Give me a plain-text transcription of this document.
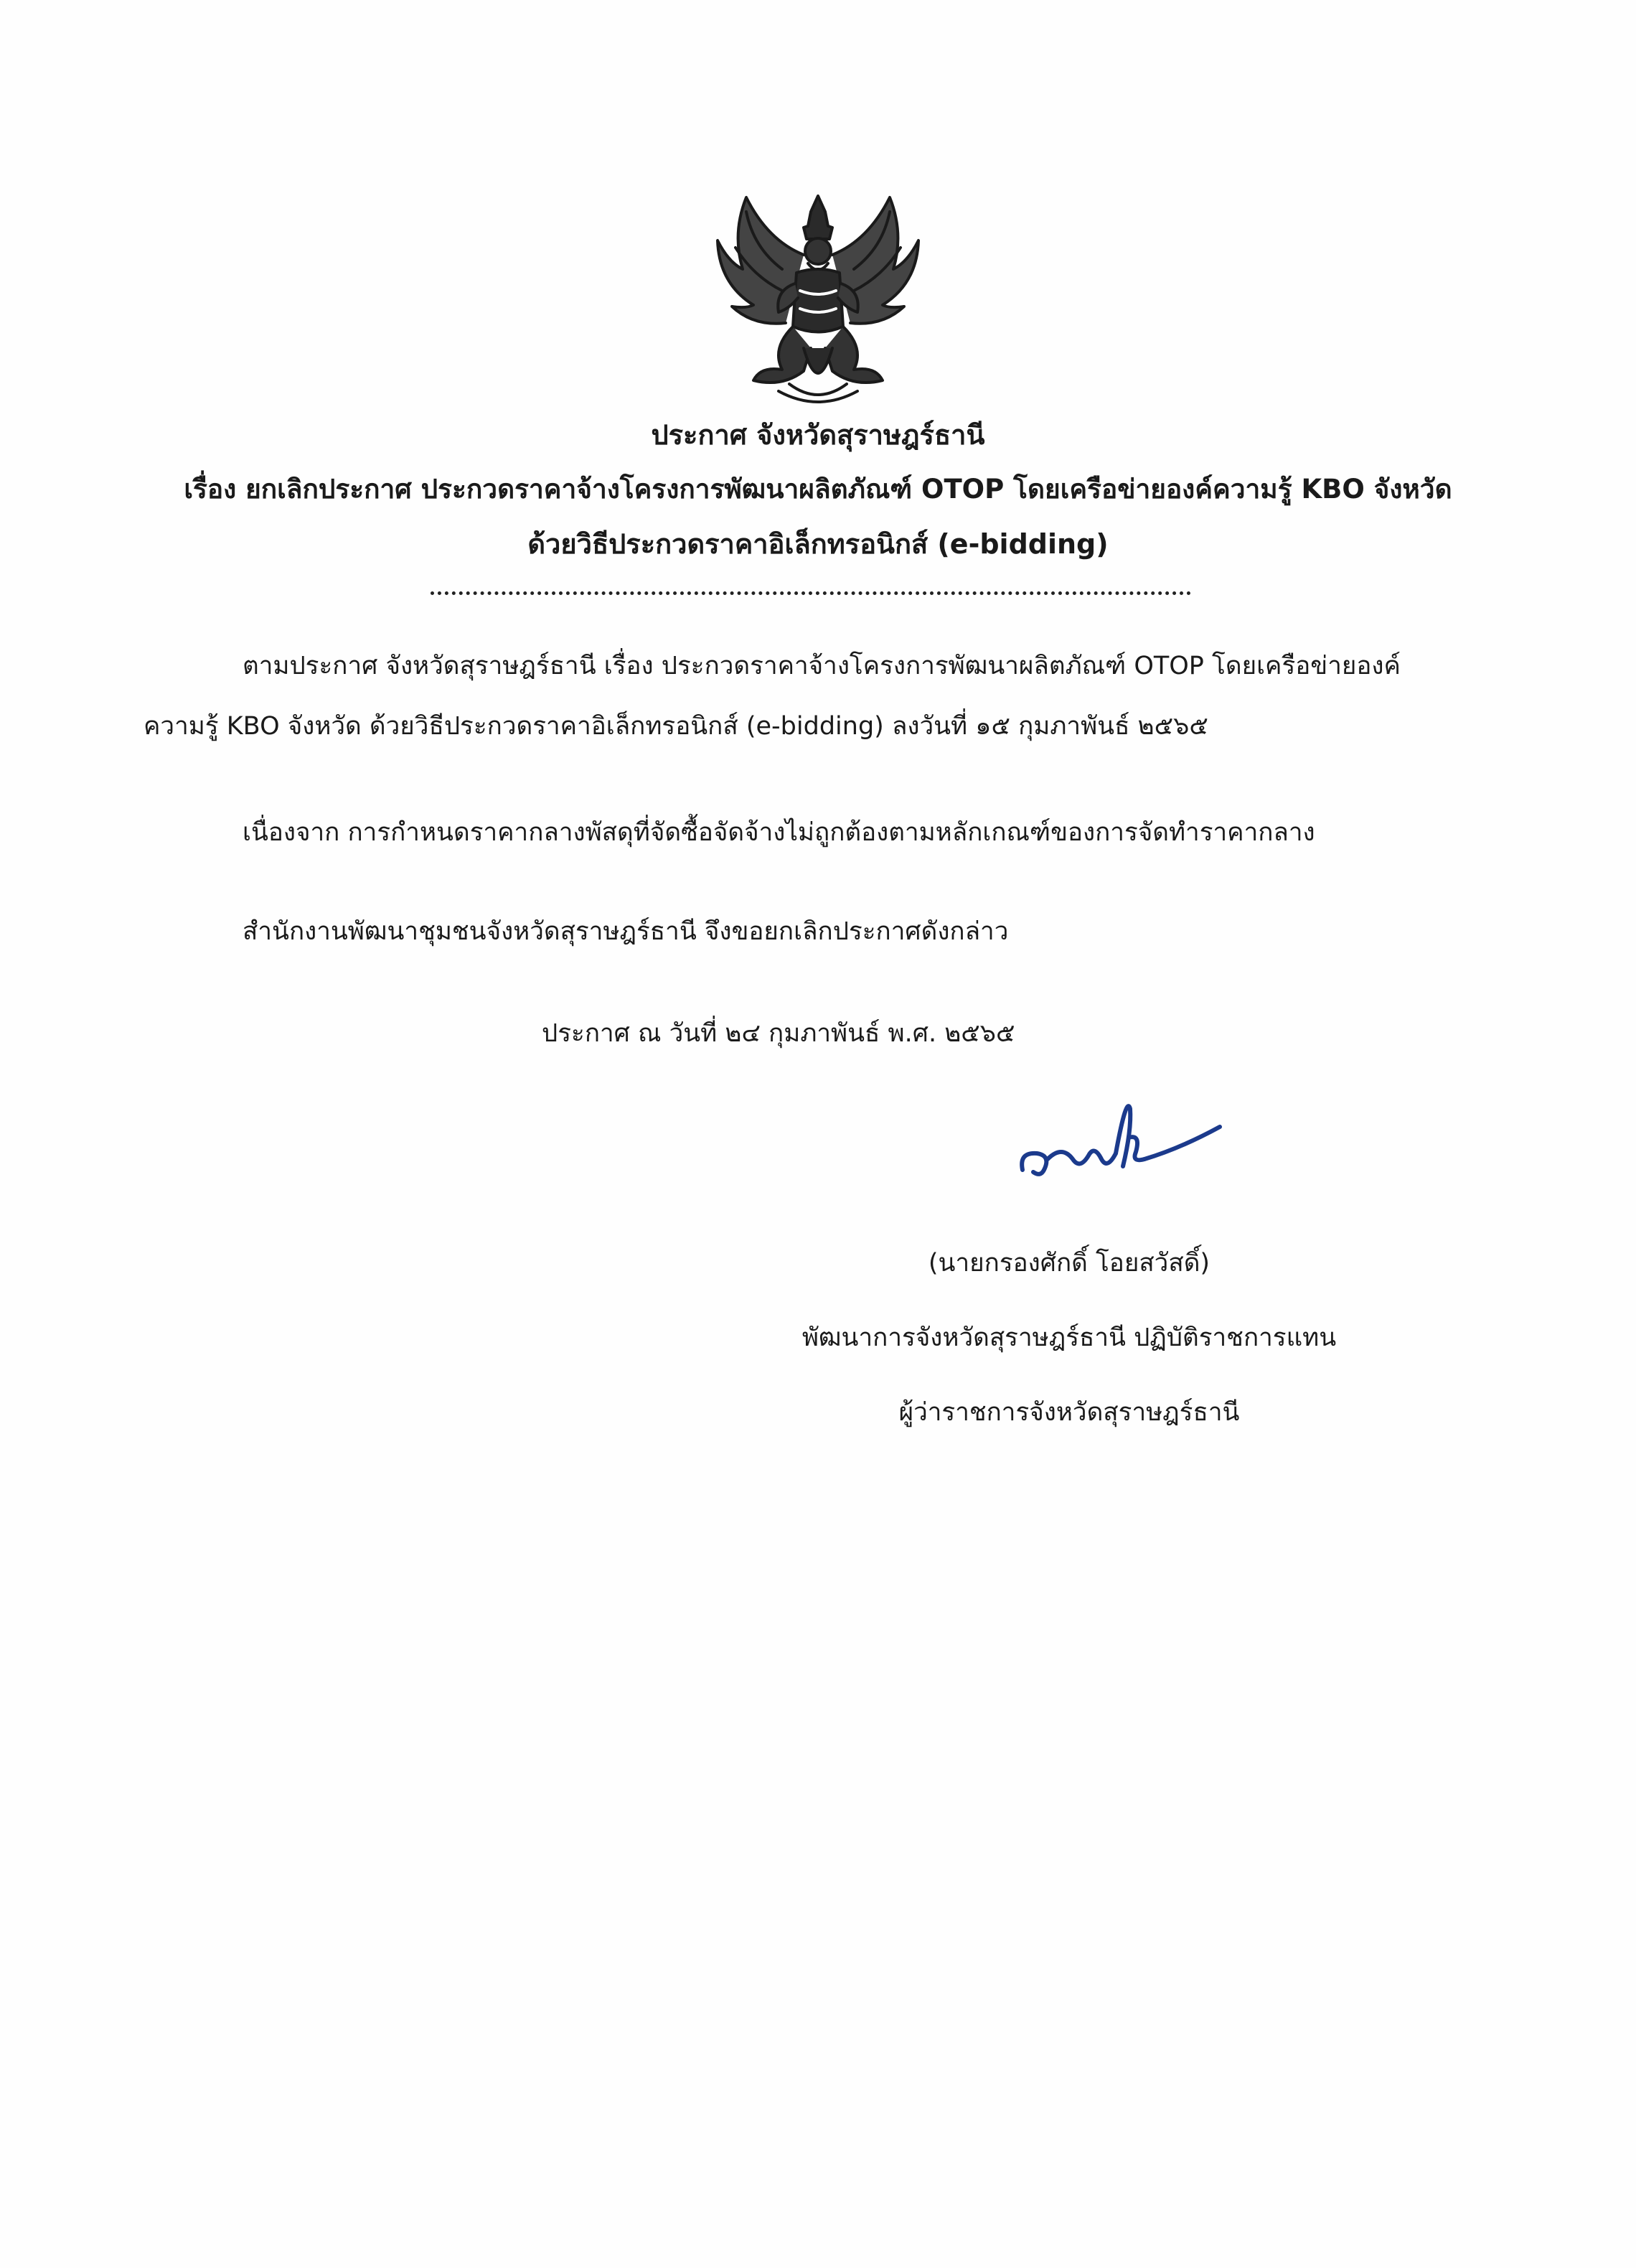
ประกาศ จังหวัดสุราษฎร์ธานี
เรื่อง ยกเลิกประกาศ ประกวดราคาจ้างโครงการพัฒนาผลิตภัณฑ์ OTOP โดยเครือข่ายองค์ความรู้ KBO จังหวัด
ด้วยวิธีประกวดราคาอิเล็กทรอนิกส์ (e-bidding)
ตามประกาศ จังหวัดสุราษฎร์ธานี เรื่อง ประกวดราคาจ้างโครงการพัฒนาผลิตภัณฑ์ OTOP โดยเครือข่ายองค์
ความรู้ KBO จังหวัด ด้วยวิธีประกวดราคาอิเล็กทรอนิกส์ (e-bidding) ลงวันที่ ๑๕ กุมภาพันธ์ ๒๕๖๕
เนื่องจาก การกำหนดราคากลางพัสดุที่จัดซื้อจัดจ้างไม่ถูกต้องตามหลักเกณฑ์ของการจัดทำราคากลาง
สำนักงานพัฒนาชุมชนจังหวัดสุราษฎร์ธานี จึงขอยกเลิกประกาศดังกล่าว
ประกาศ ณ วันที่ ๒๔ กุมภาพันธ์ พ.ศ. ๒๕๖๕
(นายกรองศักดิ์ โอยสวัสดิ์)
พัฒนาการจังหวัดสุราษฎร์ธานี ปฏิบัติราชการแทน
ผู้ว่าราชการจังหวัดสุราษฎร์ธานี
